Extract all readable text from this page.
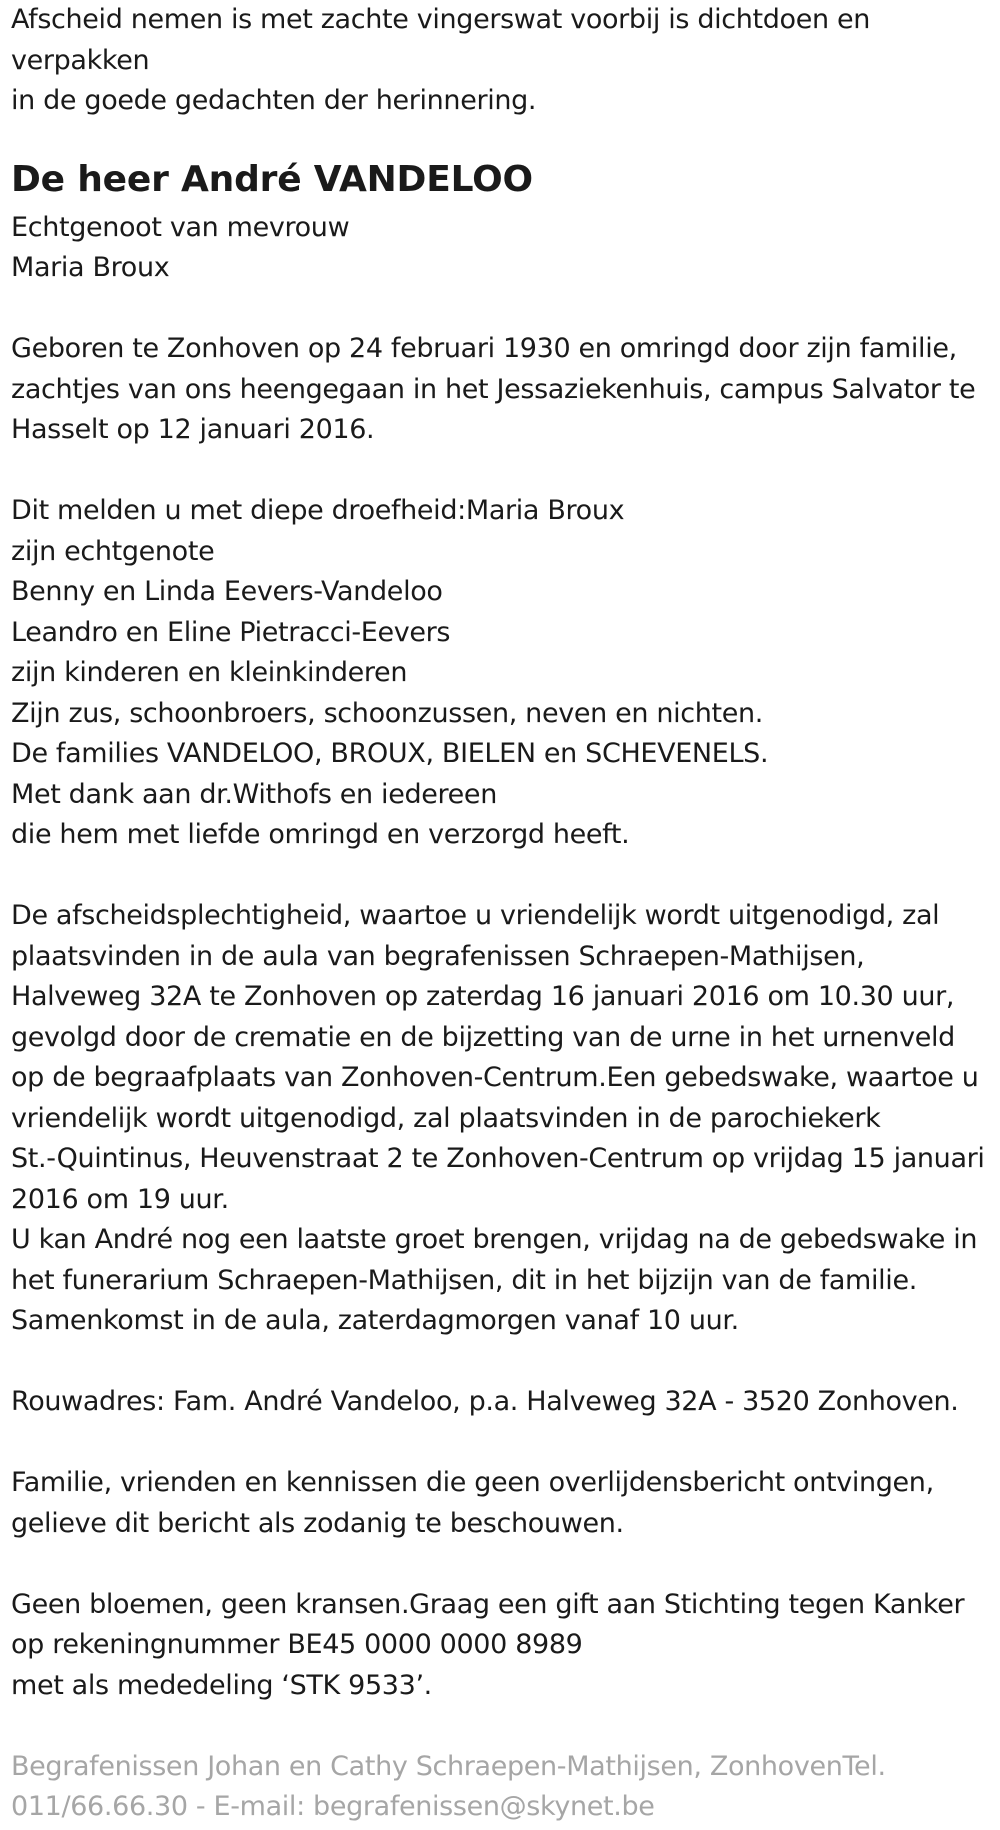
Afscheid nemen is met zachte vingerswat voorbij is dichtdoen en
verpakken
in de goede gedachten der herinnering.
De heer André VANDELOO
Echtgenoot van mevrouw
Maria Broux
Geboren te Zonhoven op 24 februari 1930 en omringd door zijn familie,
zachtjes van ons heengegaan in het Jessaziekenhuis, campus Salvator te
Hasselt op 12 januari 2016.
Dit melden u met diepe droefheid:Maria Broux
zijn echtgenote
Benny en Linda Eevers-Vandeloo
Leandro en Eline Pietracci-Eevers
zijn kinderen en kleinkinderen
Zijn zus, schoonbroers, schoonzussen, neven en nichten.
De families VANDELOO, BROUX, BIELEN en SCHEVENELS.
Met dank aan dr.Withofs en iedereen
die hem met liefde omringd en verzorgd heeft.
De afscheidsplechtigheid, waartoe u vriendelijk wordt uitgenodigd, zal
plaatsvinden in de aula van begrafenissen Schraepen-Mathijsen,
Halveweg 32A te Zonhoven op zaterdag 16 januari 2016 om 10.30 uur,
gevolgd door de crematie en de bijzetting van de urne in het urnenveld
op de begraafplaats van Zonhoven-Centrum.Een gebedswake, waartoe u
vriendelijk wordt uitgenodigd, zal plaatsvinden in de parochiekerk
St.-Quintinus, Heuvenstraat 2 te Zonhoven-Centrum op vrijdag 15 januari
2016 om 19 uur.
U kan André nog een laatste groet brengen, vrijdag na de gebedswake in
het funerarium Schraepen-Mathijsen, dit in het bijzijn van de familie.
Samenkomst in de aula, zaterdagmorgen vanaf 10 uur.
Rouwadres: Fam. André Vandeloo, p.a. Halveweg 32A - 3520 Zonhoven.
Familie, vrienden en kennissen die geen overlijdensbericht ontvingen,
gelieve dit bericht als zodanig te beschouwen.
Geen bloemen, geen kransen.Graag een gift aan Stichting tegen Kanker
op rekeningnummer BE45 0000 0000 8989
met als mededeling ‘STK 9533’.
Begrafenissen Johan en Cathy Schraepen-Mathijsen, ZonhovenTel.
011/66.66.30 - E-mail: begrafenissen@skynet.be
